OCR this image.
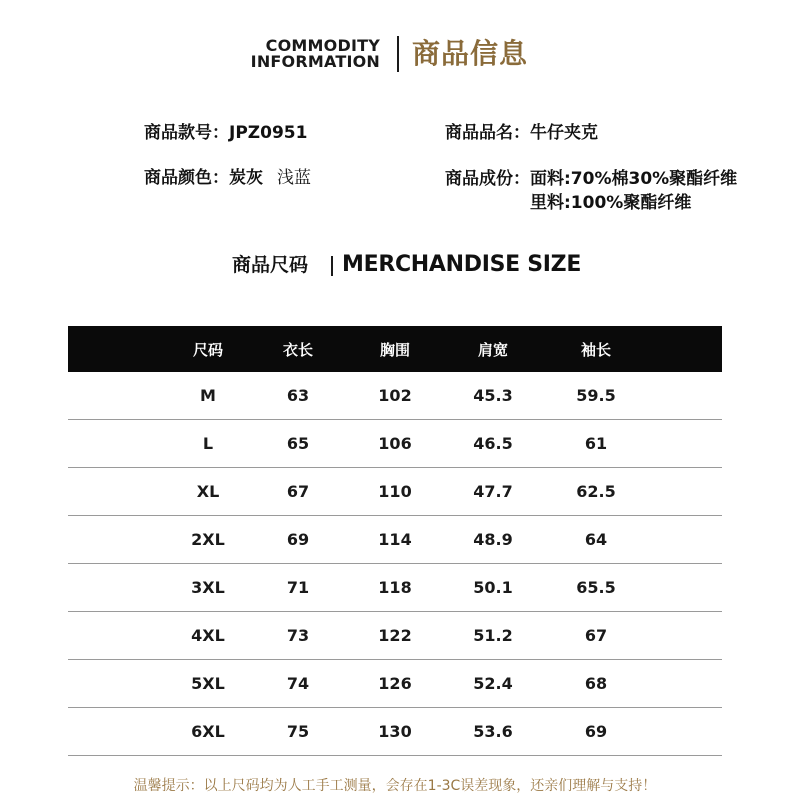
COMMODITY
INFORMATION 商品信息
商品款号：JPZ0951	商品品名：牛仔夹克
商品颜色：炭灰 浅蓝	商品成份： 面料:70%棉30%聚酯纤维
里料:100%聚酯纤维
商品尺码 MERCHANDISE SIZE
尺码	衣长	胸围	肩宽	袖长
M	63	102	45.3	59.5
L	65	106	46.5	61
XL	67	110	47.7	62.5
2XL	69	114	48.9	64
3XL	71	118	50.1	65.5
4XL	73	122	51.2	67
5XL	74	126	52.4	68
6XL	75	130	53.6	69
温馨提示：以上尺码均为人工手工测量，会存在1-3C误差现象，还亲们理解与支持！
